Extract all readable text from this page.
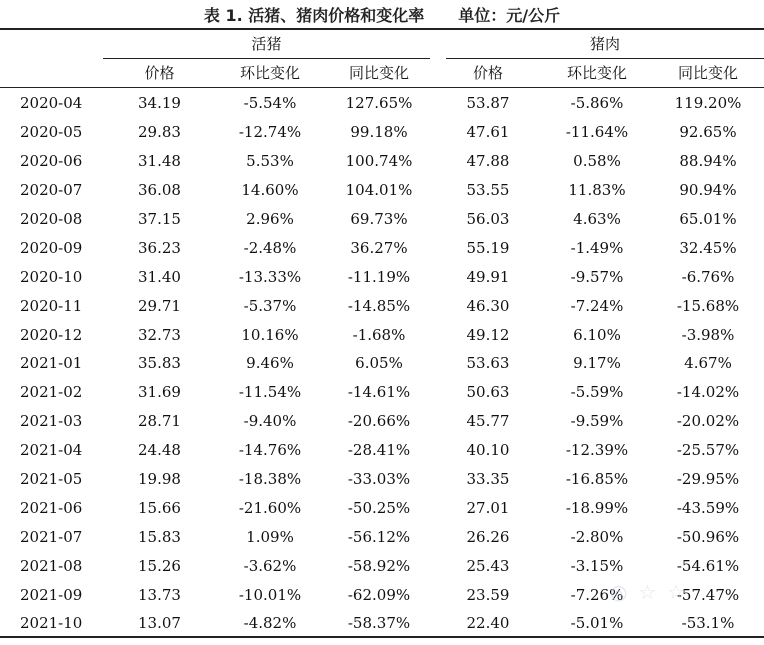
表 1. 活猪、猪肉价格和变化率 单位：元/公斤
活猪	猪肉
价格	环比变化	同比变化	价格	环比变化	同比变化
2020-04	34.19	-5.54%	127.65%	53.87	-5.86%	119.20%
2020-05	29.83	-12.74%	99.18%	47.61	-11.64%	92.65%
2020-06	31.48	5.53%	100.74%	47.88	0.58%	88.94%
2020-07	36.08	14.60%	104.01%	53.55	11.83%	90.94%
2020-08	37.15	2.96%	69.73%	56.03	4.63%	65.01%
2020-09	36.23	-2.48%	36.27%	55.19	-1.49%	32.45%
2020-10	31.40	-13.33%	-11.19%	49.91	-9.57%	-6.76%
2020-11	29.71	-5.37%	-14.85%	46.30	-7.24%	-15.68%
2020-12	32.73	10.16%	-1.68%	49.12	6.10%	-3.98%
2021-01	35.83	9.46%	6.05%	53.63	9.17%	4.67%
2021-02	31.69	-11.54%	-14.61%	50.63	-5.59%	-14.02%
2021-03	28.71	-9.40%	-20.66%	45.77	-9.59%	-20.02%
2021-04	24.48	-14.76%	-28.41%	40.10	-12.39%	-25.57%
2021-05	19.98	-18.38%	-33.03%	33.35	-16.85%	-29.95%
2021-06	15.66	-21.60%	-50.25%	27.01	-18.99%	-43.59%
2021-07	15.83	1.09%	-56.12%	26.26	-2.80%	-50.96%
2021-08	15.26	-3.62%	-58.92%	25.43	-3.15%	-54.61%
2021-09	13.73	-10.01%	-62.09%	23.59	-7.26%	-57.47%
2021-10	13.07	-4.82%	-58.37%	22.40	-5.01%	-53.1%
◎ ☆ ☆
